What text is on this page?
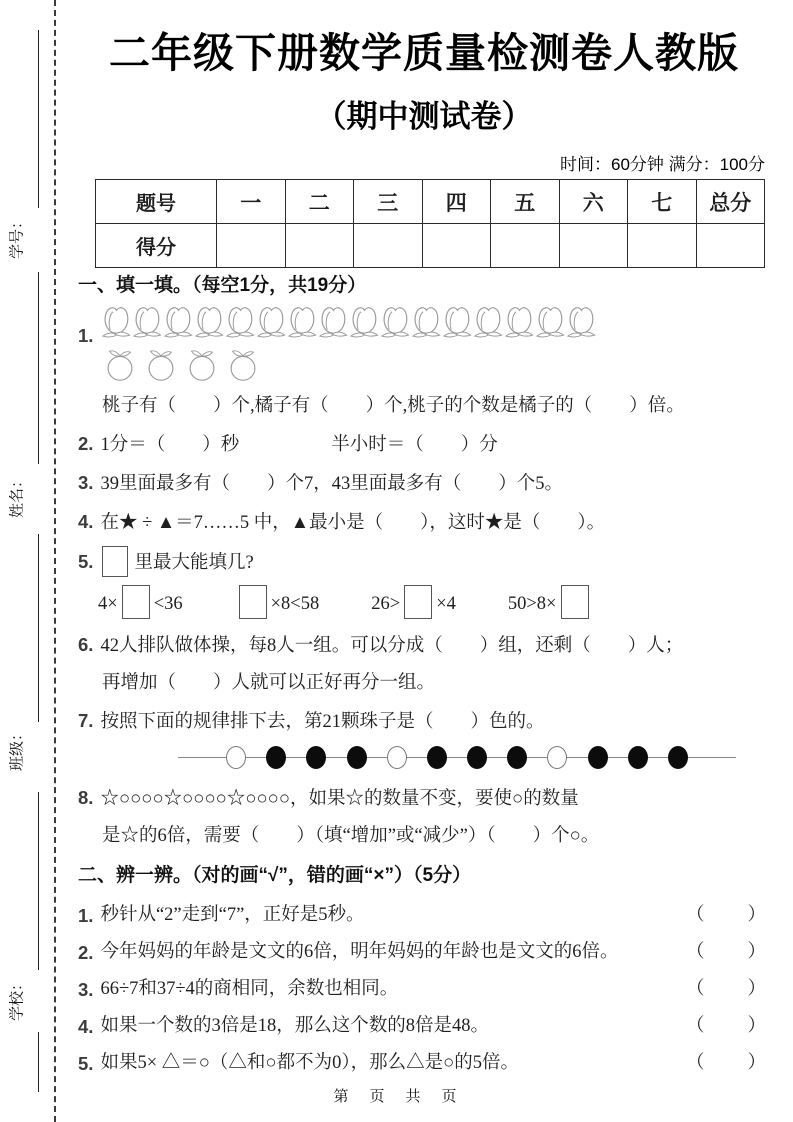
学号：
姓名：
班级：
学校：
二年级下册数学质量检测卷人教版
（期中测试卷）
时间：60分钟 满分：100分
题号	一	二	三	四	五	六	七	总分
得分								
一、填一填。（每空1分，共19分）
1.
桃子有（　　）个,橘子有（　　）个,桃子的个数是橘子的（　　）倍。
2. 1分＝（　　）秒	半小时＝（　　）分
3. 39里面最多有（　　）个7，43里面最多有（　　）个5。
4. 在★ ÷ ▲＝7……5 中，▲最小是（　　），这时★是（　　）。
5. 里最大能填几?
4× <36	×8<58	26> ×4	50>8×
6. 42人排队做体操，每8人一组。可以分成（　　）组，还剩（　　）人；
再增加（　　）人就可以正好再分一组。
7. 按照下面的规律排下去，第21颗珠子是（　　）色的。
8. ☆○○○○☆○○○○☆○○○○，如果☆的数量不变，要使○的数量
是☆的6倍，需要（　　）（填“增加”或“减少”）（　　）个○。
二、辨一辨。（对的画“√”，错的画“×”）（5分）
1. 秒针从“2”走到“7”，正好是5秒。	（　　）
2. 今年妈妈的年龄是文文的6倍，明年妈妈的年龄也是文文的6倍。	（　　）
3. 66÷7和37÷4的商相同，余数也相同。	（　　）
4. 如果一个数的3倍是18，那么这个数的8倍是48。	（　　）
5. 如果5× △＝○（△和○都不为0），那么△是○的5倍。	（　　）
第　页　共　页
